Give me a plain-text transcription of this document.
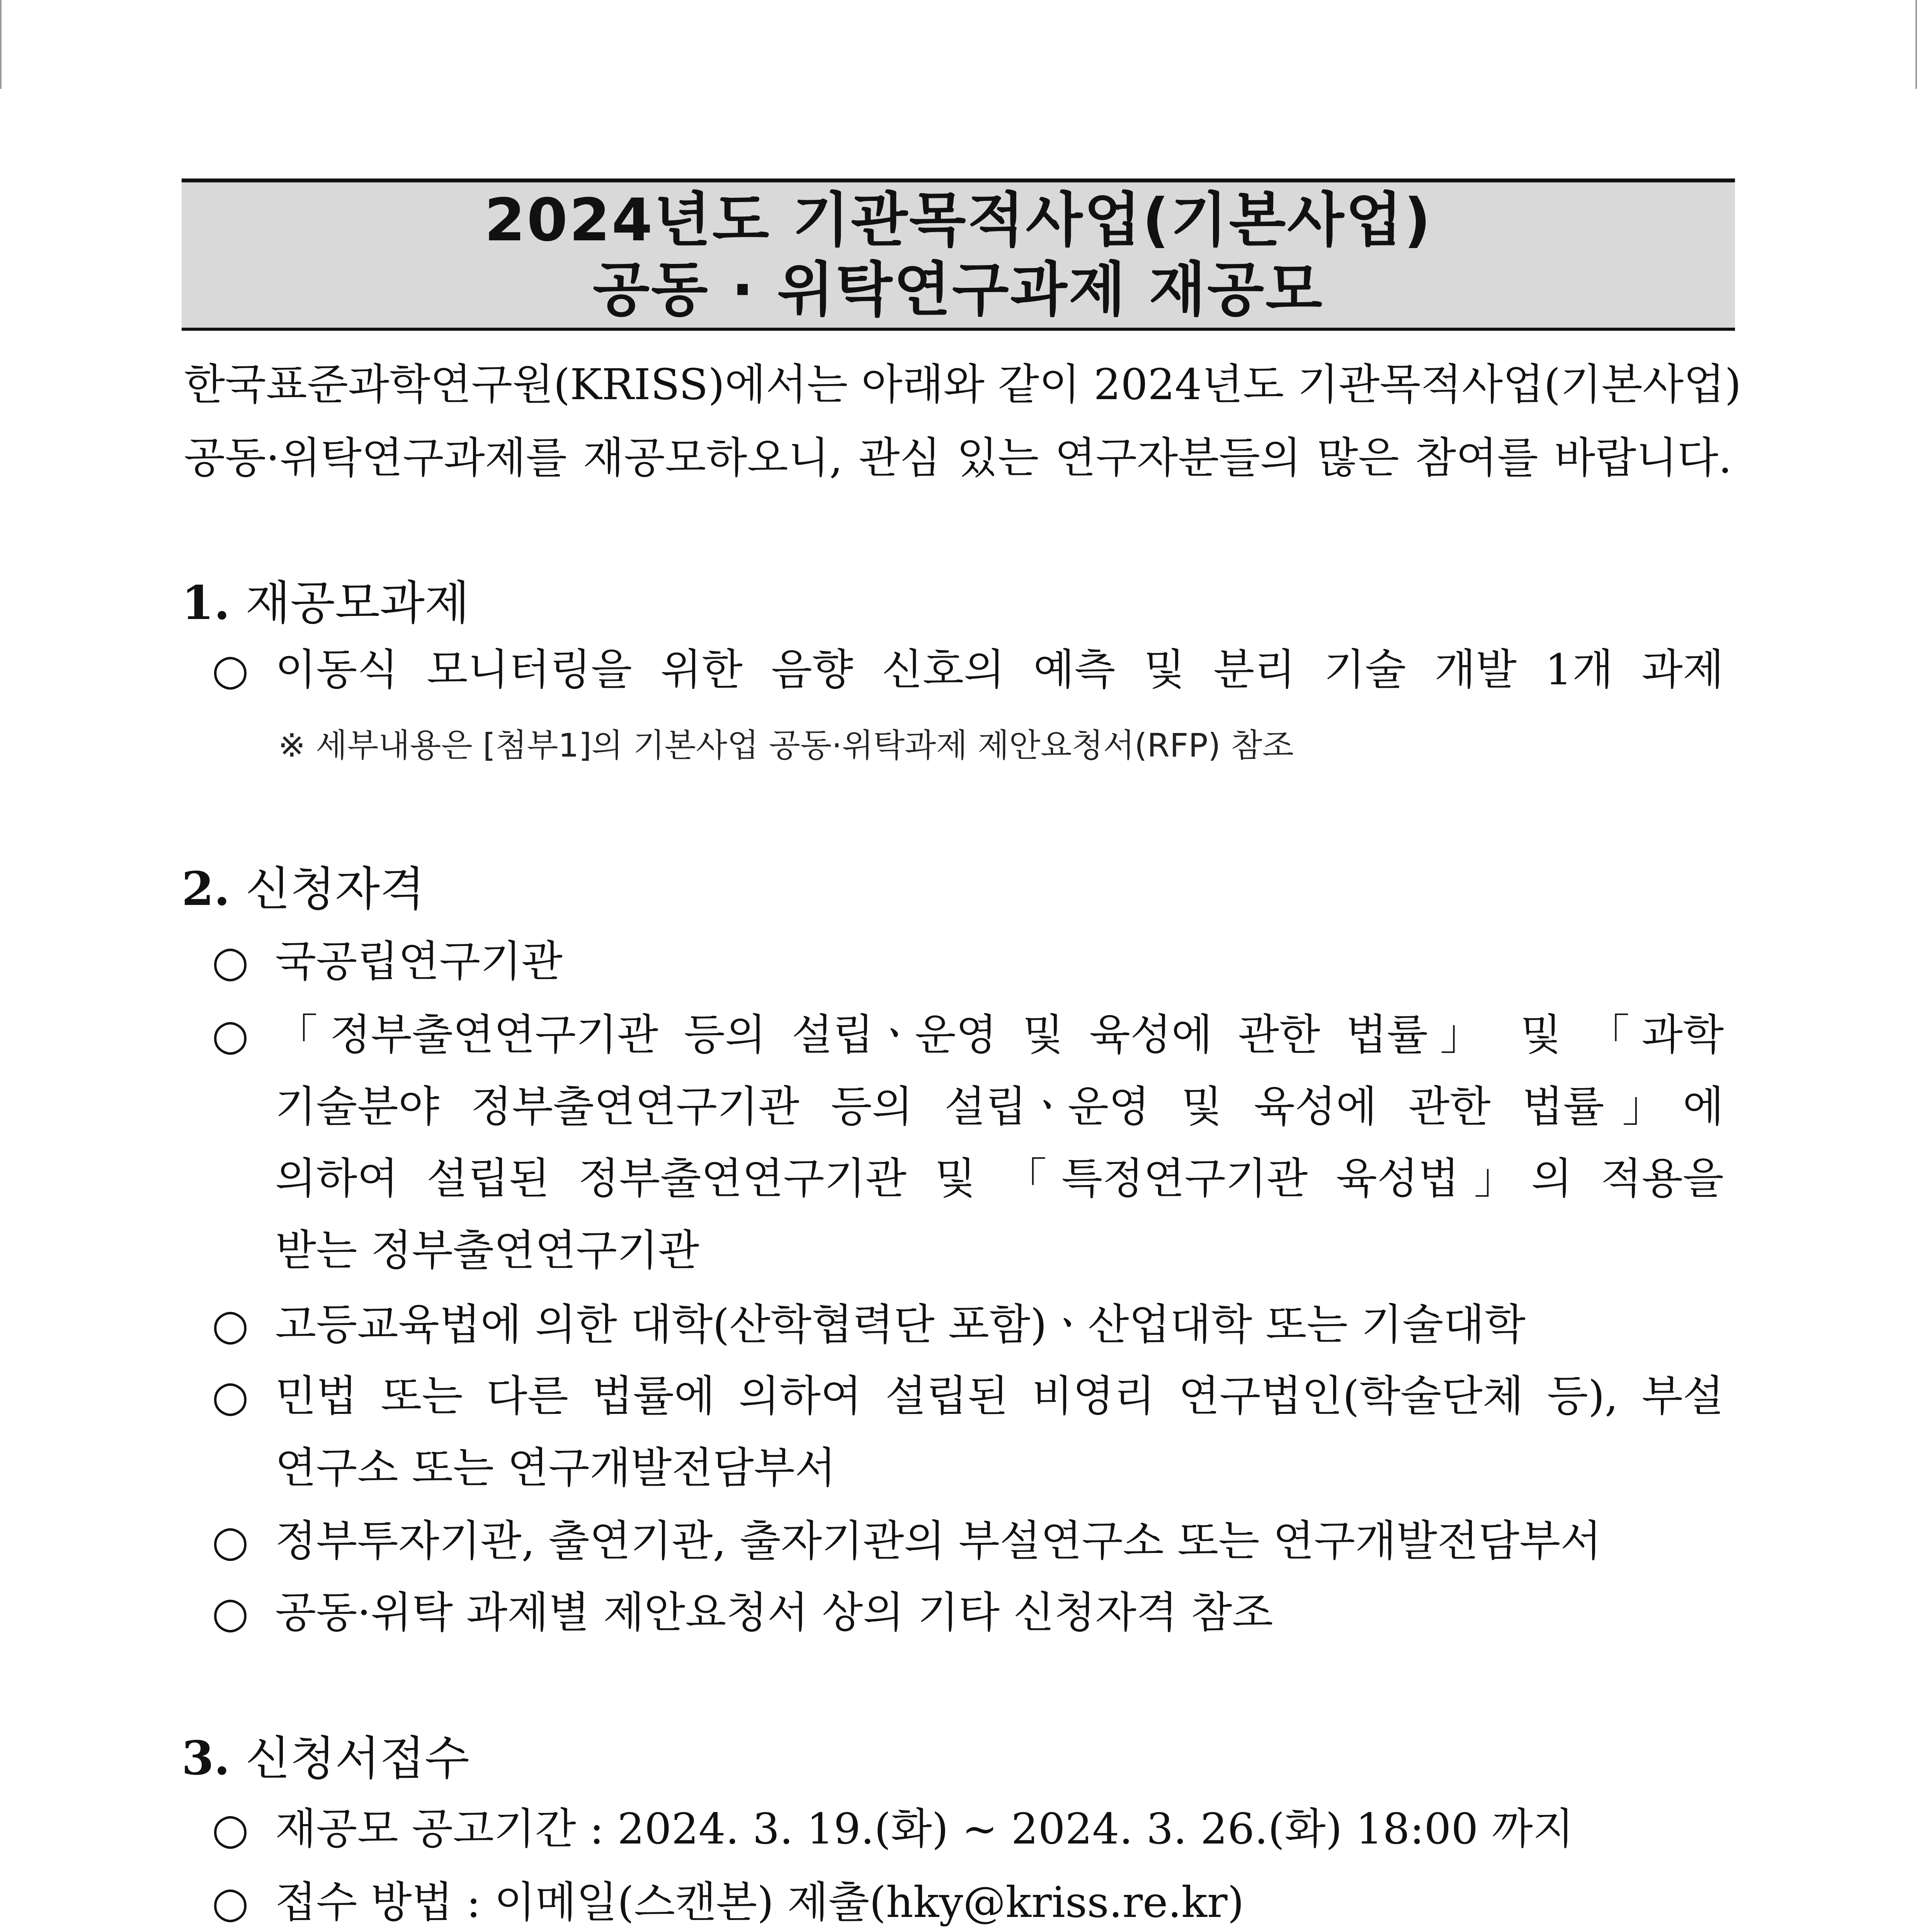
2024년도 기관목적사업(기본사업)
공동 · 위탁연구과제 재공모

한국표준과학연구원(KRISS)에서는 아래와 같이 2024년도 기관목적사업(기본사업)

공동·위탁연구과제를 재공모하오니, 관심 있는 연구자분들의 많은 참여를 바랍니다.

1. 재공모과제
○ 이동식 모니터링을 위한 음향 신호의 예측 및 분리 기술 개발 1개 과제
※ 세부내용은 [첨부1]의 기본사업 공동·위탁과제 제안요청서(RFP) 참조
2. 신청자격
○ 국공립연구기관
○ 「정부출연연구기관 등의 설립ㆍ운영 및 육성에 관한 법률」 및 「과학
기술분야 정부출연연구기관 등의 설립ㆍ운영 및 육성에 관한 법률」에
의하여 설립된 정부출연연구기관 및 「특정연구기관 육성법」의 적용을
받는 정부출연연구기관
○ 고등교육법에 의한 대학(산학협력단 포함)ㆍ산업대학 또는 기술대학
○ 민법 또는 다른 법률에 의하여 설립된 비영리 연구법인(학술단체 등), 부설
연구소 또는 연구개발전담부서
○ 정부투자기관, 출연기관, 출자기관의 부설연구소 또는 연구개발전담부서
○ 공동·위탁 과제별 제안요청서 상의 기타 신청자격 참조
3. 신청서접수
○ 재공모 공고기간 : 2024. 3. 19.(화) ~ 2024. 3. 26.(화) 18:00 까지
○ 접수 방법 : 이메일(스캔본) 제출(hky@kriss.re.kr)
